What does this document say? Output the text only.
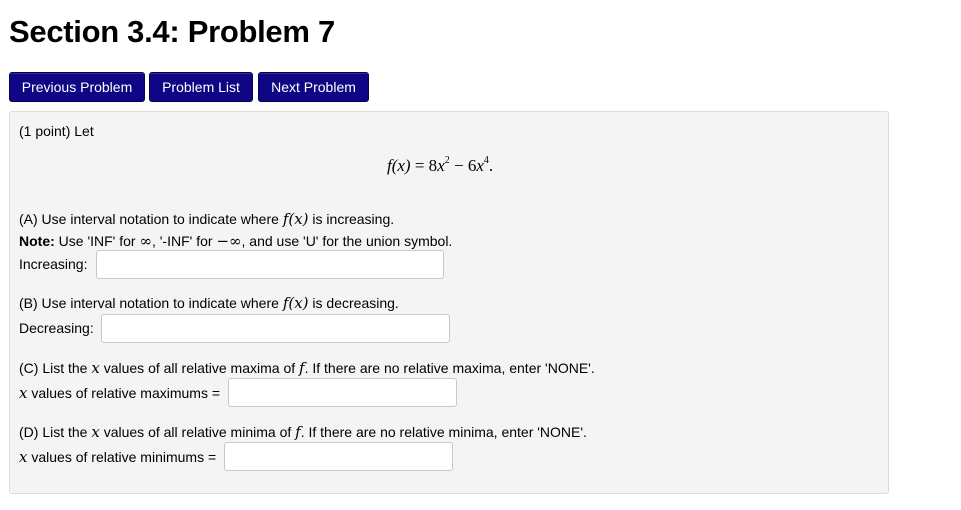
Section 3.4: Problem 7
Previous Problem	Problem List	Next Problem
(1 point) Let
$f(x) = 8x^2 - 6x^4$.
(A) Use interval notation to indicate where f(x) is increasing.
Note: Use 'INF' for ∞, '-INF' for −∞, and use 'U' for the union symbol.
Increasing:
(B) Use interval notation to indicate where f(x) is decreasing.
Decreasing:
(C) List the x values of all relative maxima of f. If there are no relative maxima, enter 'NONE'.
x values of relative maximums =
(D) List the x values of all relative minima of f. If there are no relative minima, enter 'NONE'.
x values of relative minimums =
